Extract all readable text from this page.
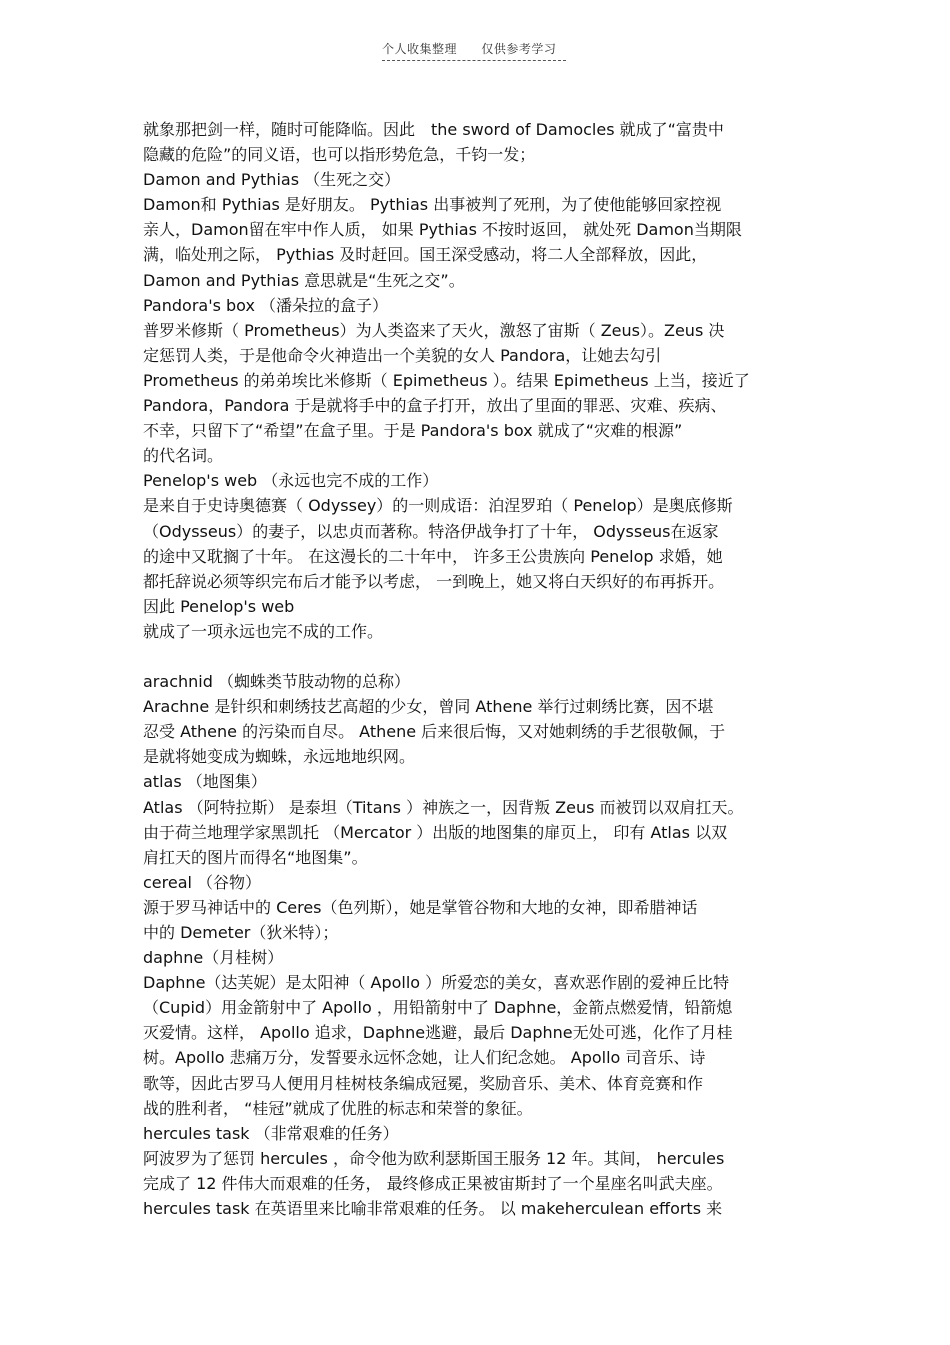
个人收集整理 仅供参考学习
就象那把剑一样，随时可能降临。因此　the sword of Damocles 就成了“富贵中
隐藏的危险”的同义语，也可以指形势危急，千钧一发；
Damon and Pythias （生死之交）
Damon和 Pythias 是好朋友。 Pythias 出事被判了死刑，为了使他能够回家控视
亲人，Damon留在牢中作人质， 如果 Pythias 不按时返回， 就处死 Damon当期限
满，临处刑之际， Pythias 及时赶回。国王深受感动，将二人全部释放，因此，
Damon and Pythias 意思就是“生死之交”。
Pandora's box （潘朵拉的盒子）
普罗米修斯（ Prometheus）为人类盗来了天火，激怒了宙斯（ Zeus）。Zeus 决
定惩罚人类，于是他命令火神造出一个美貌的女人 Pandora，让她去勾引
Prometheus 的弟弟埃比米修斯（ Epimetheus ）。结果 Epimetheus 上当，接近了
Pandora，Pandora 于是就将手中的盒子打开，放出了里面的罪恶、灾难、疾病、
不幸，只留下了“希望”在盒子里。于是 Pandora's box 就成了“灾难的根源”
的代名词。
Penelop's web （永远也完不成的工作）
是来自于史诗奥德赛（ Odyssey）的一则成语：泊涅罗珀（ Penelop）是奥底修斯
（Odysseus）的妻子，以忠贞而著称。特洛伊战争打了十年， Odysseus在返家
的途中又耽搁了十年。 在这漫长的二十年中， 许多王公贵族向 Penelop 求婚，她
都托辞说必须等织完布后才能予以考虑， 一到晚上，她又将白天织好的布再拆开。
因此 Penelop's web
就成了一项永远也完不成的工作。
arachnid （蜘蛛类节肢动物的总称）
Arachne 是针织和刺绣技艺高超的少女，曾同 Athene 举行过刺绣比赛，因不堪
忍受 Athene 的污染而自尽。 Athene 后来很后悔，又对她刺绣的手艺很敬佩，于
是就将她变成为蜘蛛，永远地地织网。
atlas （地图集）
Atlas （阿特拉斯） 是泰坦（Titans ）神族之一，因背叛 Zeus 而被罚以双肩扛天。
由于荷兰地理学家黑凯托 （Mercator ）出版的地图集的扉页上， 印有 Atlas 以双
肩扛天的图片而得名“地图集”。
cereal （谷物）
源于罗马神话中的 Ceres（色列斯），她是掌管谷物和大地的女神，即希腊神话
中的 Demeter（狄米特）；
daphne（月桂树）
Daphne（达芙妮）是太阳神（ Apollo ）所爱恋的美女，喜欢恶作剧的爱神丘比特
（Cupid）用金箭射中了 Apollo ，用铅箭射中了 Daphne，金箭点燃爱情，铅箭熄
灭爱情。这样， Apollo 追求，Daphne逃避，最后 Daphne无处可逃，化作了月桂
树。Apollo 悲痛万分，发誓要永远怀念她，让人们纪念她。 Apollo 司音乐、诗
歌等，因此古罗马人便用月桂树枝条编成冠冕，奖励音乐、美术、体育竞赛和作
战的胜利者， “桂冠”就成了优胜的标志和荣誉的象征。
hercules task （非常艰难的任务）
阿波罗为了惩罚 hercules ，命令他为欧利瑟斯国王服务 12 年。其间， hercules
完成了 12 件伟大而艰难的任务， 最终修成正果被宙斯封了一个星座名叫武夫座。
hercules task 在英语里来比喻非常艰难的任务。 以 makeherculean efforts 来
